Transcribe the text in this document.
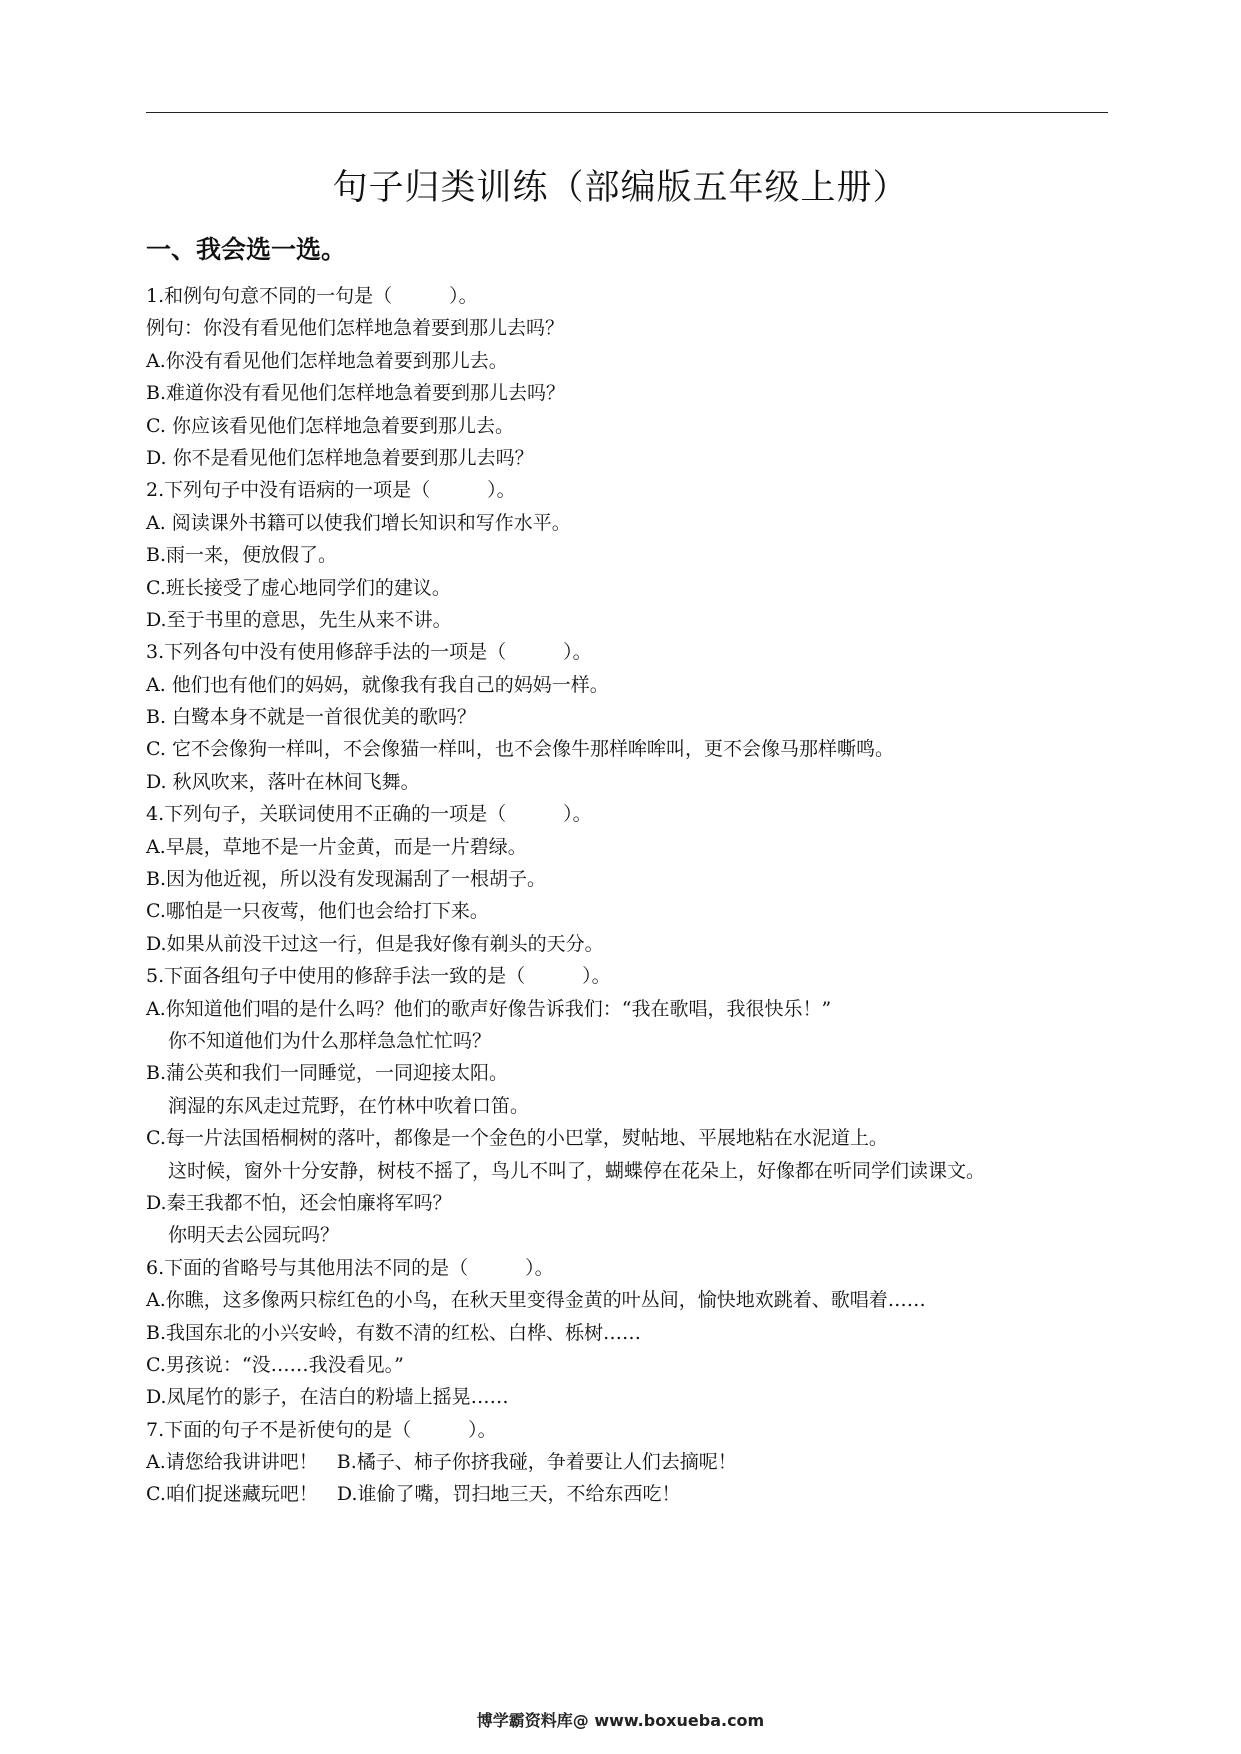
句子归类训练（部编版五年级上册）
一、我会选一选。
1.和例句句意不同的一句是（　　　）。
例句：你没有看见他们怎样地急着要到那儿去吗？
A.你没有看见他们怎样地急着要到那儿去。
B.难道你没有看见他们怎样地急着要到那儿去吗？
C. 你应该看见他们怎样地急着要到那儿去。
D. 你不是看见他们怎样地急着要到那儿去吗？
2.下列句子中没有语病的一项是（　　　）。
A. 阅读课外书籍可以使我们增长知识和写作水平。
B.雨一来，便放假了。
C.班长接受了虚心地同学们的建议。
D.至于书里的意思，先生从来不讲。
3.下列各句中没有使用修辞手法的一项是（　　　）。
A. 他们也有他们的妈妈，就像我有我自己的妈妈一样。
B. 白鹭本身不就是一首很优美的歌吗？
C. 它不会像狗一样叫，不会像猫一样叫，也不会像牛那样哞哞叫，更不会像马那样嘶鸣。
D. 秋风吹来，落叶在林间飞舞。
4.下列句子，关联词使用不正确的一项是（　　　）。
A.早晨，草地不是一片金黄，而是一片碧绿。
B.因为他近视，所以没有发现漏刮了一根胡子。
C.哪怕是一只夜莺，他们也会给打下来。
D.如果从前没干过这一行，但是我好像有剃头的天分。
5.下面各组句子中使用的修辞手法一致的是（　　　）。
A.你知道他们唱的是什么吗？他们的歌声好像告诉我们：“我在歌唱，我很快乐！”
你不知道他们为什么那样急急忙忙吗？
B.蒲公英和我们一同睡觉，一同迎接太阳。
润湿的东风走过荒野，在竹林中吹着口笛。
C.每一片法国梧桐树的落叶，都像是一个金色的小巴掌，熨帖地、平展地粘在水泥道上。
这时候，窗外十分安静，树枝不摇了，鸟儿不叫了，蝴蝶停在花朵上，好像都在听同学们读课文。
D.秦王我都不怕，还会怕廉将军吗？
你明天去公园玩吗？
6.下面的省略号与其他用法不同的是（　　　）。
A.你瞧，这多像两只棕红色的小鸟，在秋天里变得金黄的叶丛间，愉快地欢跳着、歌唱着……
B.我国东北的小兴安岭，有数不清的红松、白桦、栎树……
C.男孩说：“没……我没看见。”
D.凤尾竹的影子，在洁白的粉墙上摇晃……
7.下面的句子不是祈使句的是（　　　）。
A.请您给我讲讲吧！　B.橘子、柿子你挤我碰，争着要让人们去摘呢！
C.咱们捉迷藏玩吧！　D.谁偷了嘴，罚扫地三天，不给东西吃！
博学霸资料库@ www.boxueba.com
